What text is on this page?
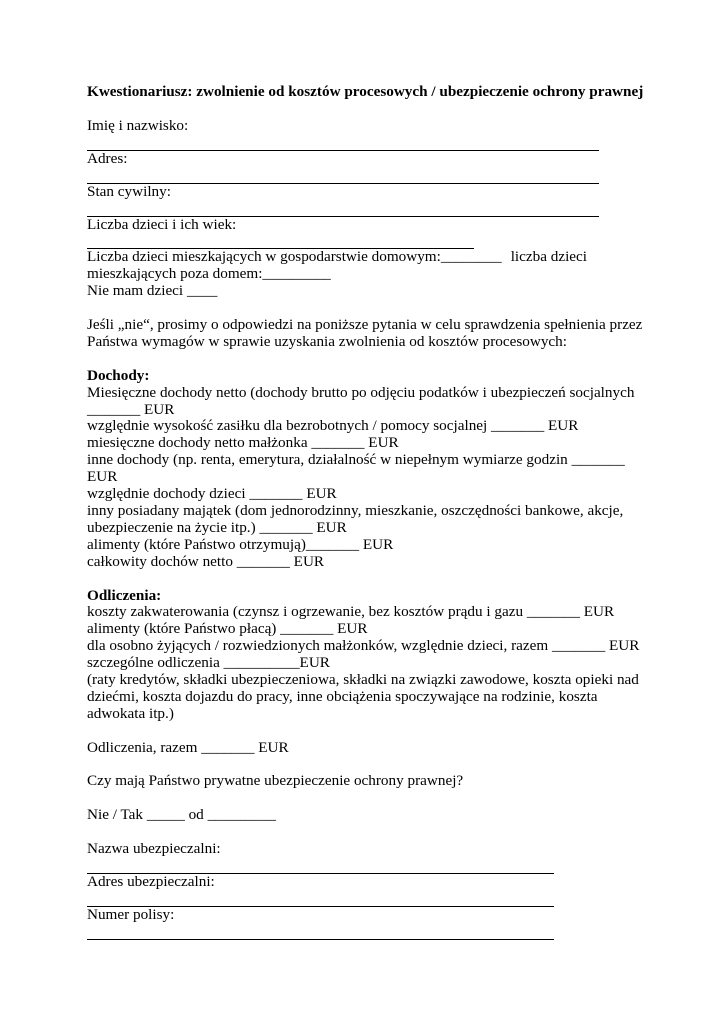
Kwestionariusz: zwolnienie od kosztów procesowych / ubezpieczenie ochrony prawnej

Imię i nazwisko:

Adres:

Stan cywilny:

Liczba dzieci i ich wiek:

Liczba dzieci mieszkających w gospodarstwie domowym:________ liczba dzieci

mieszkających poza domem:_________

Nie mam dzieci ____

Jeśli „nie“, prosimy o odpowiedzi na poniższe pytania w celu sprawdzenia spełnienia przez Państwa wymagów w sprawie uzyskania zwolnienia od kosztów procesowych:

Dochody:

Miesięczne dochody netto (dochody brutto po odjęciu podatków i ubezpieczeń socjalnych _______ EUR

względnie wysokość zasiłku dla bezrobotnych / pomocy socjalnej _______ EUR

miesięczne dochody netto małżonka _______ EUR

inne dochody (np. renta, emerytura, działalność w niepełnym wymiarze godzin _______ EUR

względnie dochody dzieci _______ EUR

inny posiadany majątek (dom jednorodzinny, mieszkanie, oszczędności bankowe, akcje, ubezpieczenie na życie itp.) _______ EUR

alimenty (które Państwo otrzymują)_______ EUR

całkowity dochów netto _______ EUR

Odliczenia:

koszty zakwaterowania (czynsz i ogrzewanie, bez kosztów prądu i gazu _______ EUR

alimenty (które Państwo płacą) _______ EUR

dla osobno żyjących / rozwiedzionych małżonków, względnie dzieci, razem _______ EUR

szczególne odliczenia __________EUR

(raty kredytów, składki ubezpieczeniowa, składki na związki zawodowe, koszta opieki nad dziećmi, koszta dojazdu do pracy, inne obciążenia spoczywające na rodzinie, koszta adwokata itp.)

Odliczenia, razem _______ EUR

Czy mają Państwo prywatne ubezpieczenie ochrony prawnej?

Nie / Tak _____ od _________

Nazwa ubezpieczalni:

Adres ubezpieczalni:

Numer polisy:
